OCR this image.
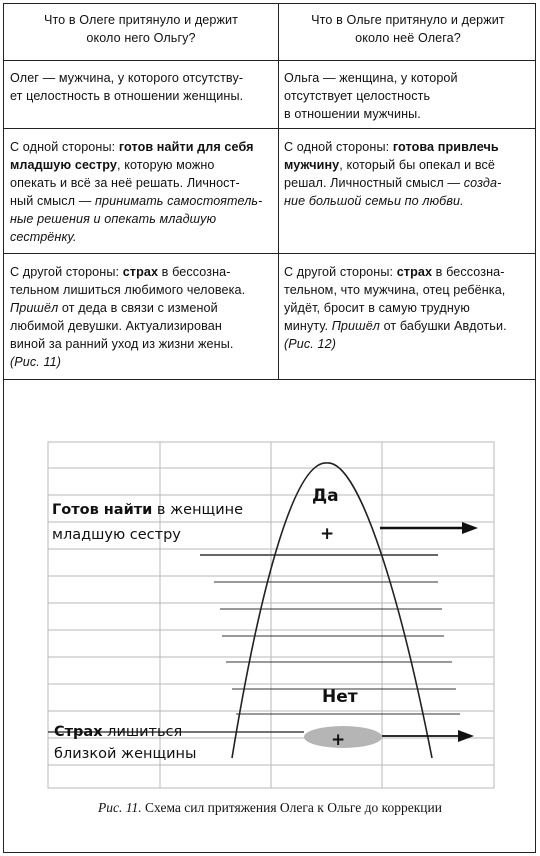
Что в Олеге притянуло и держит
около него Ольгу?
Что в Ольге притянуло и держит
около неё Олега?
Олег — мужчина, у которого отсутству-
ет целостность в отношении женщины.
Ольга — женщина, у которой
отсутствует целостность
в отношении мужчины.
С одной стороны: готов найти для себя
младшую сестру, которую можно
опекать и всё за неё решать. Личност-
ный смысл — принимать самостоятель-
ные решения и опекать младшую
сестрёнку.
С одной стороны: готова привлечь
мужчину, который бы опекал и всё
решал. Личностный смысл — созда-
ние большой семьи по любви.
С другой стороны: страх в бессозна-
тельном лишиться любимого человека.
Пришёл от деда в связи с изменой
любимой девушки. Актуализирован
виной за ранний уход из жизни жены.
(Рис. 11)
С другой стороны: страх в бессозна-
тельном, что мужчина, отец ребёнка,
уйдёт, бросит в самую трудную
минуту. Пришёл от бабушки Авдотьи.
(Рис. 12)
Да
+
Нет
+
Готов найти в женщине
младшую сестру
Страх лишиться
близкой женщины
Рис. 11. Схема сил притяжения Олега к Ольге до коррекции
